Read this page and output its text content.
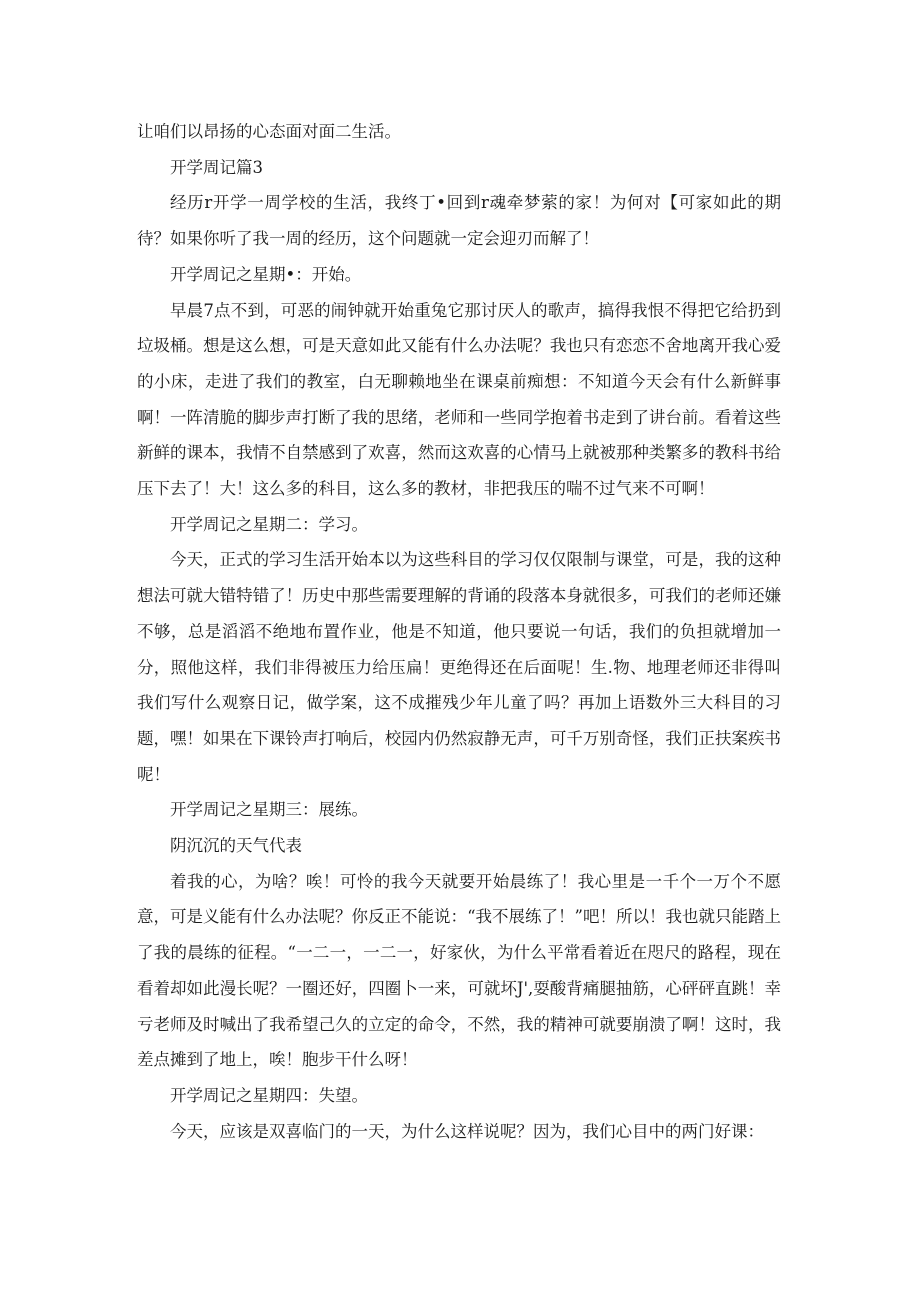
让咱们以昂扬的心态面对面二生活。

开学周记篇3

经历r开学一周学校的生活，我终丁•回到r魂牵梦萦的家！为何对【可家如此的期待？如果你听了我一周的经历，这个问题就一定会迎刃而解了！

开学周记之星期•：开始。

早晨7点不到，可恶的闹钟就开始重兔它那讨厌人的歌声，搞得我恨不得把它给扔到垃圾桶。想是这么想，可是天意如此又能有什么办法呢？我也只有恋恋不舍地离开我心爱的小床，走进了我们的教室，白无聊赖地坐在课桌前痴想：不知道今天会有什么新鲜事啊！一阵清脆的脚步声打断了我的思绪，老师和一些同学抱着书走到了讲台前。看着这些新鲜的课本，我情不自禁感到了欢喜，然而这欢喜的心情马上就被那种类繁多的教科书给压下去了！大！这么多的科目，这么多的教材，非把我压的喘不过气来不可啊！

开学周记之星期二：学习。

今天，正式的学习生活开始本以为这些科目的学习仅仅限制与课堂，可是，我的这种想法可就大错特错了！历史中那些需要理解的背诵的段落本身就很多，可我们的老师还嫌不够，总是滔滔不绝地布置作业，他是不知道，他只要说一句话，我们的负担就增加一分，照他这样，我们非得被压力给压扁！更绝得还在后面呢！生.物、地理老师还非得叫我们写什么观察日记，做学案，这不成摧残少年儿童了吗？再加上语数外三大科目的习题，嘿！如果在下课铃声打响后，校园内仍然寂静无声，可千万别奇怪，我们正扶案疾书呢！

开学周记之星期三：展练。

阴沉沉的天气代表

着我的心，为啥？唉！可怜的我今天就要开始晨练了！我心里是一千个一万个不愿意，可是义能有什么办法呢？你反正不能说：“我不展练了！”吧！所以！我也就只能踏上了我的晨练的征程。“一二一，一二一，好家伙，为什么平常看着近在咫尺的路程，现在看着却如此漫长呢？一圈还好，四圈卜一来，可就坏J',耍酸背痛腿抽筋，心砰砰直跳！幸亏老师及时喊出了我希望己久的立定的命令，不然，我的精神可就要崩溃了啊！这时，我差点摊到了地上，唉！胞步干什么呀！

开学周记之星期四：失望。

今天，应该是双喜临门的一天，为什么这样说呢？因为，我们心目中的两门好课：
